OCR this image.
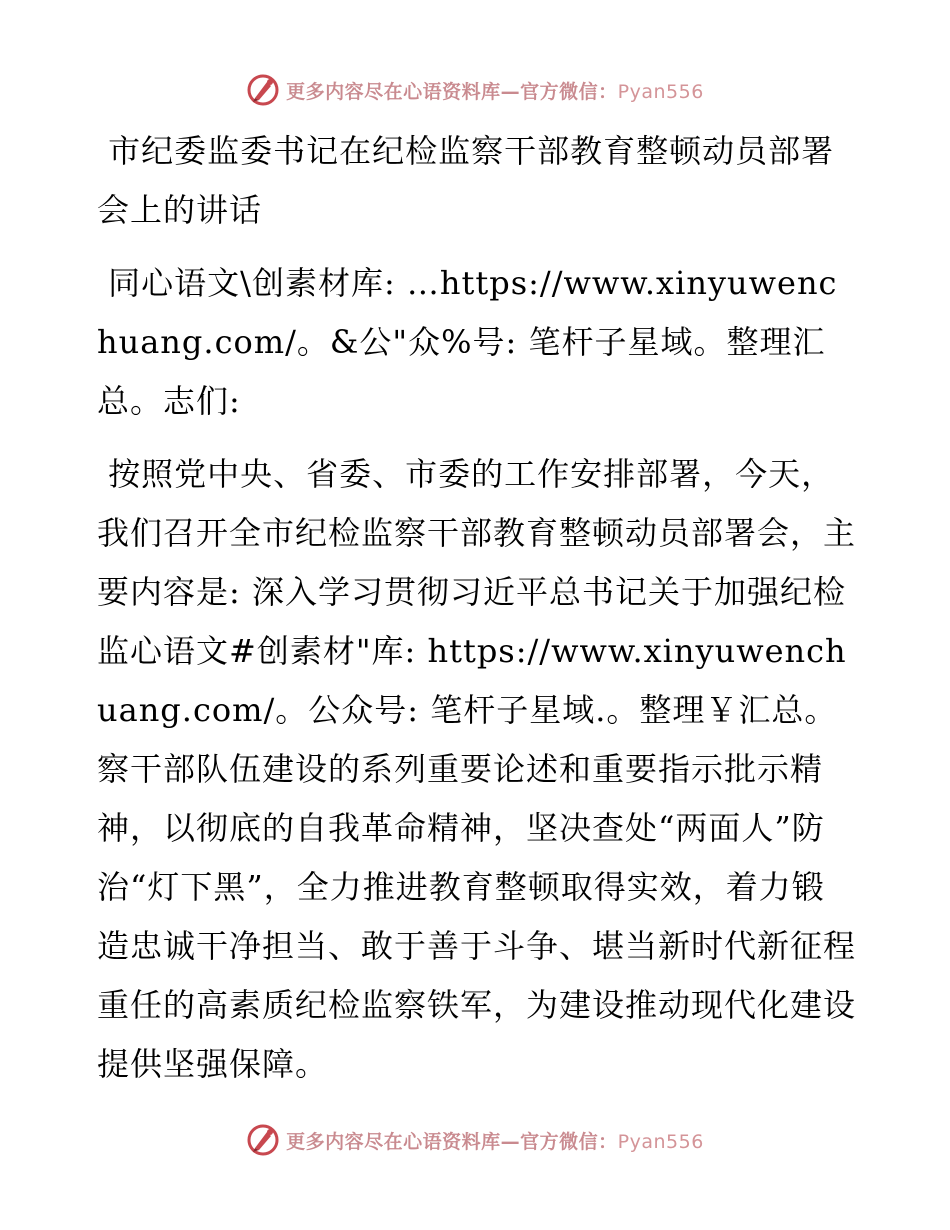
更多内容尽在心语资料库—官方微信：Pyan556

市纪委监委书记在纪检监察干部教育整顿动员部署会上的讲话

同心语文\创素材库: …https://www.xinyuwenchuang.com/。&公"众%号: 笔杆子星域。整理汇总。志们:

按照党中央、省委、市委的工作安排部署，今天，我们召开全市纪检监察干部教育整顿动员部署会，主要内容是: 深入学习贯彻习近平总书记关于加强纪检监心语文#创素材"库: https://www.xinyuwenchuang.com/。公众号: 笔杆子星域.。整理￥汇总。察干部队伍建设的系列重要论述和重要指示批示精神，以彻底的自我革命精神，坚决查处“两面人”防治“灯下黑”，全力推进教育整顿取得实效，着力锻造忠诚干净担当、敢于善于斗争、堪当新时代新征程重任的高素质纪检监察铁军，为建设推动现代化建设提供坚强保障。

更多内容尽在心语资料库—官方微信：Pyan556
